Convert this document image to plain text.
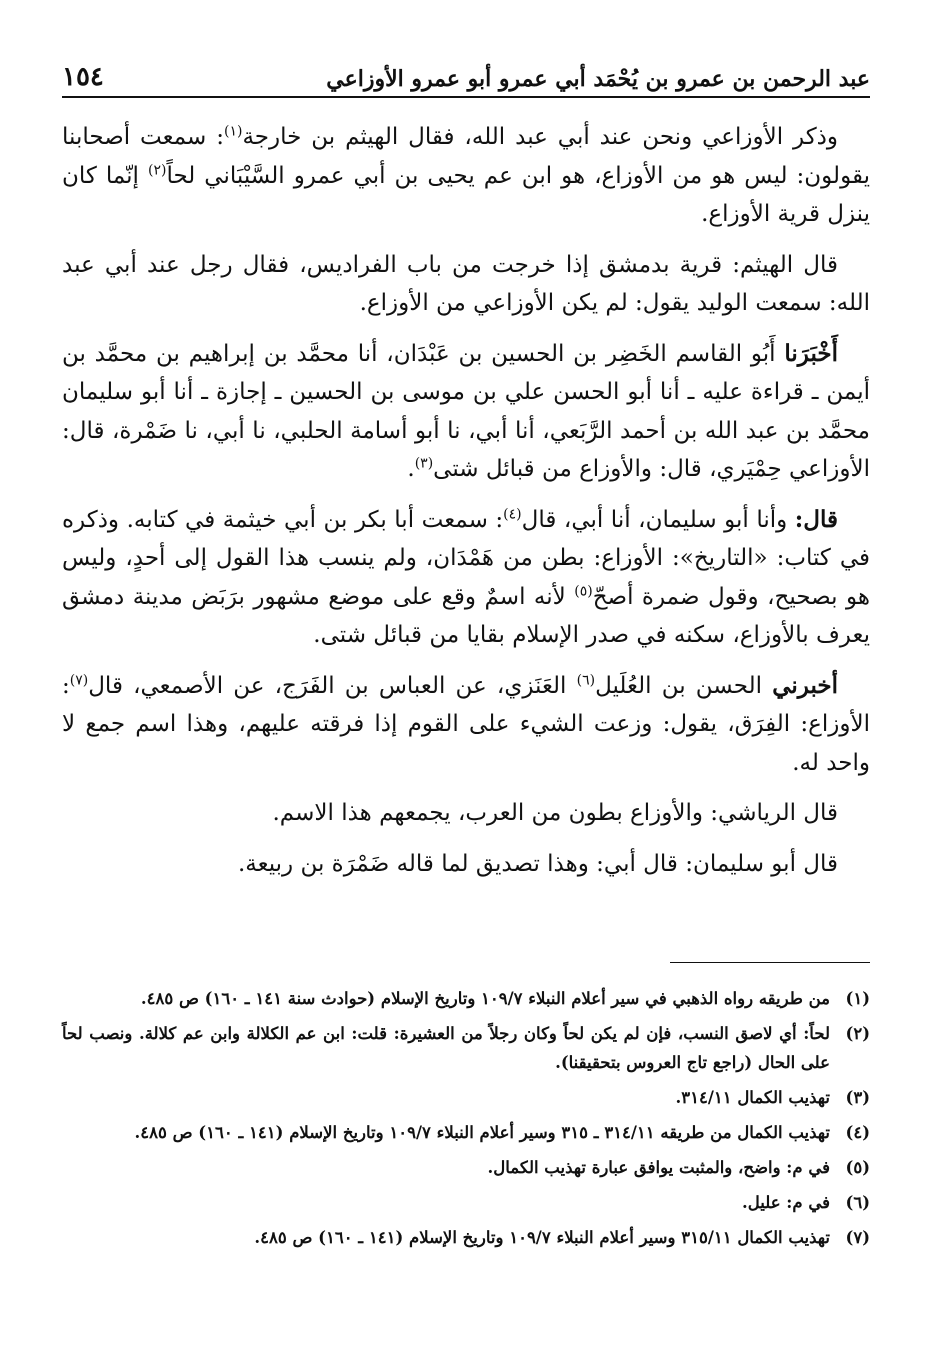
عبد الرحمن بن عمرو بن يُحْمَد أبي عمرو أبو عمرو الأوزاعي
١٥٤

وذكر الأوزاعي ونحن عند أبي عبد الله، فقال الهيثم بن خارجة$^{(١)}$: سمعت أصحابنا يقولون: ليس هو من الأوزاع، هو ابن عم يحيى بن أبي عمرو السَّيْبَاني لحاً$^{(٢)}$ إنّما كان ينزل قرية الأوزاع.

قال الهيثم: قرية بدمشق إذا خرجت من باب الفراديس، فقال رجل عند أبي عبد الله: سمعت الوليد يقول: لم يكن الأوزاعي من الأوزاع.

أَخْبَرَنا أَبُو القاسم الخَضِر بن الحسين بن عَبْدَان، أنا محمَّد بن إبراهيم بن محمَّد بن أيمن ـ قراءة عليه ـ أنا أبو الحسن علي بن موسى بن الحسين ـ إجازة ـ أنا أبو سليمان محمَّد بن عبد الله بن أحمد الرَّبَعي، أنا أبي، نا أبو أسامة الحلبي، نا أبي، نا ضَمْرة، قال: الأوزاعي حِمْيَري، قال: والأوزاع من قبائل شتى$^{(٣)}$.

قال: وأنا أبو سليمان، أنا أبي، قال$^{(٤)}$: سمعت أبا بكر بن أبي خيثمة في كتابه. وذكره في كتاب: «التاريخ»: الأوزاع: بطن من هَمْدَان، ولم ينسب هذا القول إلى أحدٍ، وليس هو بصحيح، وقول ضمرة أصحّ$^{(٥)}$ لأنه اسمٌ وقع على موضع مشهور برَبَض مدينة دمشق يعرف بالأوزاع، سكنه في صدر الإسلام بقايا من قبائل شتى.

أخبرني الحسن بن العُلَيل$^{(٦)}$ العَنَزي، عن العباس بن الفَرَج، عن الأصمعي، قال$^{(٧)}$: الأوزاع: الفِرَق، يقول: وزعت الشيء على القوم إذا فرقته عليهم، وهذا اسم جمع لا واحد له.

قال الرياشي: والأوزاع بطون من العرب، يجمعهم هذا الاسم.

قال أبو سليمان: قال أبي: وهذا تصديق لما قاله ضَمْرَة بن ربيعة.

(١)
من طريقه رواه الذهبي في سير أعلام النبلاء ١٠٩/٧ وتاريخ الإسلام (حوادث سنة ١٤١ ـ ١٦٠) ص ٤٨٥.
(٢)
لحاً: أي لاصق النسب، فإن لم يكن لحاً وكان رجلاً من العشيرة: قلت: ابن عم الكلالة وابن عم كلالة. ونصب لحاً على الحال (راجع تاج العروس بتحقيقنا).
(٣)
تهذيب الكمال ٣١٤/١١.
(٤)
تهذيب الكمال من طريقه ٣١٤/١١ ـ ٣١٥ وسير أعلام النبلاء ١٠٩/٧ وتاريخ الإسلام (١٤١ ـ ١٦٠) ص ٤٨٥.
(٥)
في م: واضح، والمثبت يوافق عبارة تهذيب الكمال.
(٦)
في م: عليل.
(٧)
تهذيب الكمال ٣١٥/١١ وسير أعلام النبلاء ١٠٩/٧ وتاريخ الإسلام (١٤١ ـ ١٦٠) ص ٤٨٥.
